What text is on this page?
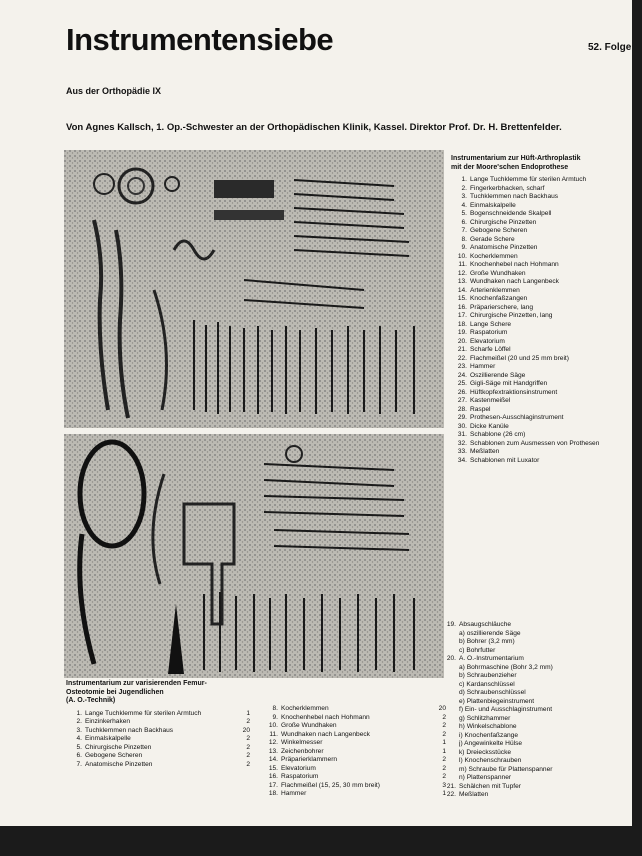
Instrumentensiebe	52. Folge
Aus der Orthopädie IX
Von Agnes Kallsch, 1. Op.-Schwester an der Orthopädischen Klinik, Kassel. Direktor Prof. Dr. H. Brettenfelder.
Instrumentarium zur Hüft-Arthroplastik
mit der Moore'schen Endoprothese
1. Lange Tuchklemme für sterilen Armtuch
2. Fingerkerbhacken, scharf
3. Tuchklemmen nach Backhaus
4. Einmalskalpelle
5. Bogenschneidende Skalpell
6. Chirurgische Pinzetten
7. Gebogene Scheren
8. Gerade Schere
9. Anatomische Pinzetten
10. Kocherklemmen
11. Knochenhebel nach Hohmann
12. Große Wundhaken
13. Wundhaken nach Langenbeck
14. Arterienklemmen
15. Knochenfaßzangen
16. Präparierschere, lang
17. Chirurgische Pinzetten, lang
18. Lange Schere
19. Raspatorium
20. Elevatorium
21. Scharfe Löffel
22. Flachmeißel (20 und 25 mm breit)
23. Hammer
24. Oszillierende Säge
25. Gigli-Säge mit Handgriffen
26. Hüftkopfextraktionsinstrument
27. Kastenmeißel
28. Raspel
29. Prothesen-Ausschlaginstrument
30. Dicke Kanüle
31. Schablone (26 cm)
32. Schablonen zum Ausmessen von Prothesen
33. Meßlatten
34. Schablonen mit Luxator
19. Absaugschläuche
a) oszillierende Säge
b) Bohrer (3,2 mm)
c) Bohrfutter
20. A. O.-Instrumentarium
a) Bohrmaschine (Bohr 3,2 mm)
b) Schraubenzieher
c) Kardanschlüssel
d) Schraubenschlüssel
e) Plattenbiegeinstrument
f) Ein- und Ausschlaginstrument
g) Schlitzhammer
h) Winkelschablone
i) Knochenfaßzange
j) Angewinkelte Hülse
k) Dreiecksstücke
l) Knochenschrauben
m) Schraube für Plattenspanner
n) Plattenspanner
21. Schälchen mit Tupfer
22. Meßlatten
Instrumentarium zur varisierenden Femur-
Osteotomie bei Jugendlichen
(A. O.-Technik)
1. Lange Tuchklemme für sterilen Armtuch	1
2. Einzinkerhaken	2
3. Tuchklemmen nach Backhaus	20
4. Einmalskalpelle	2
5. Chirurgische Pinzetten	2
6. Gebogene Scheren	2
7. Anatomische Pinzetten	2
8. Kocherklemmen	20
9. Knochenhebel nach Hohmann	2
10. Große Wundhaken	2
11. Wundhaken nach Langenbeck	2
12. Winkelmesser	1
13. Zeichenbohrer	1
14. Präparierklammern	2
15. Elevatorium	2
16. Raspatorium	2
17. Flachmeißel (15, 25, 30 mm breit)	3
18. Hammer	1
